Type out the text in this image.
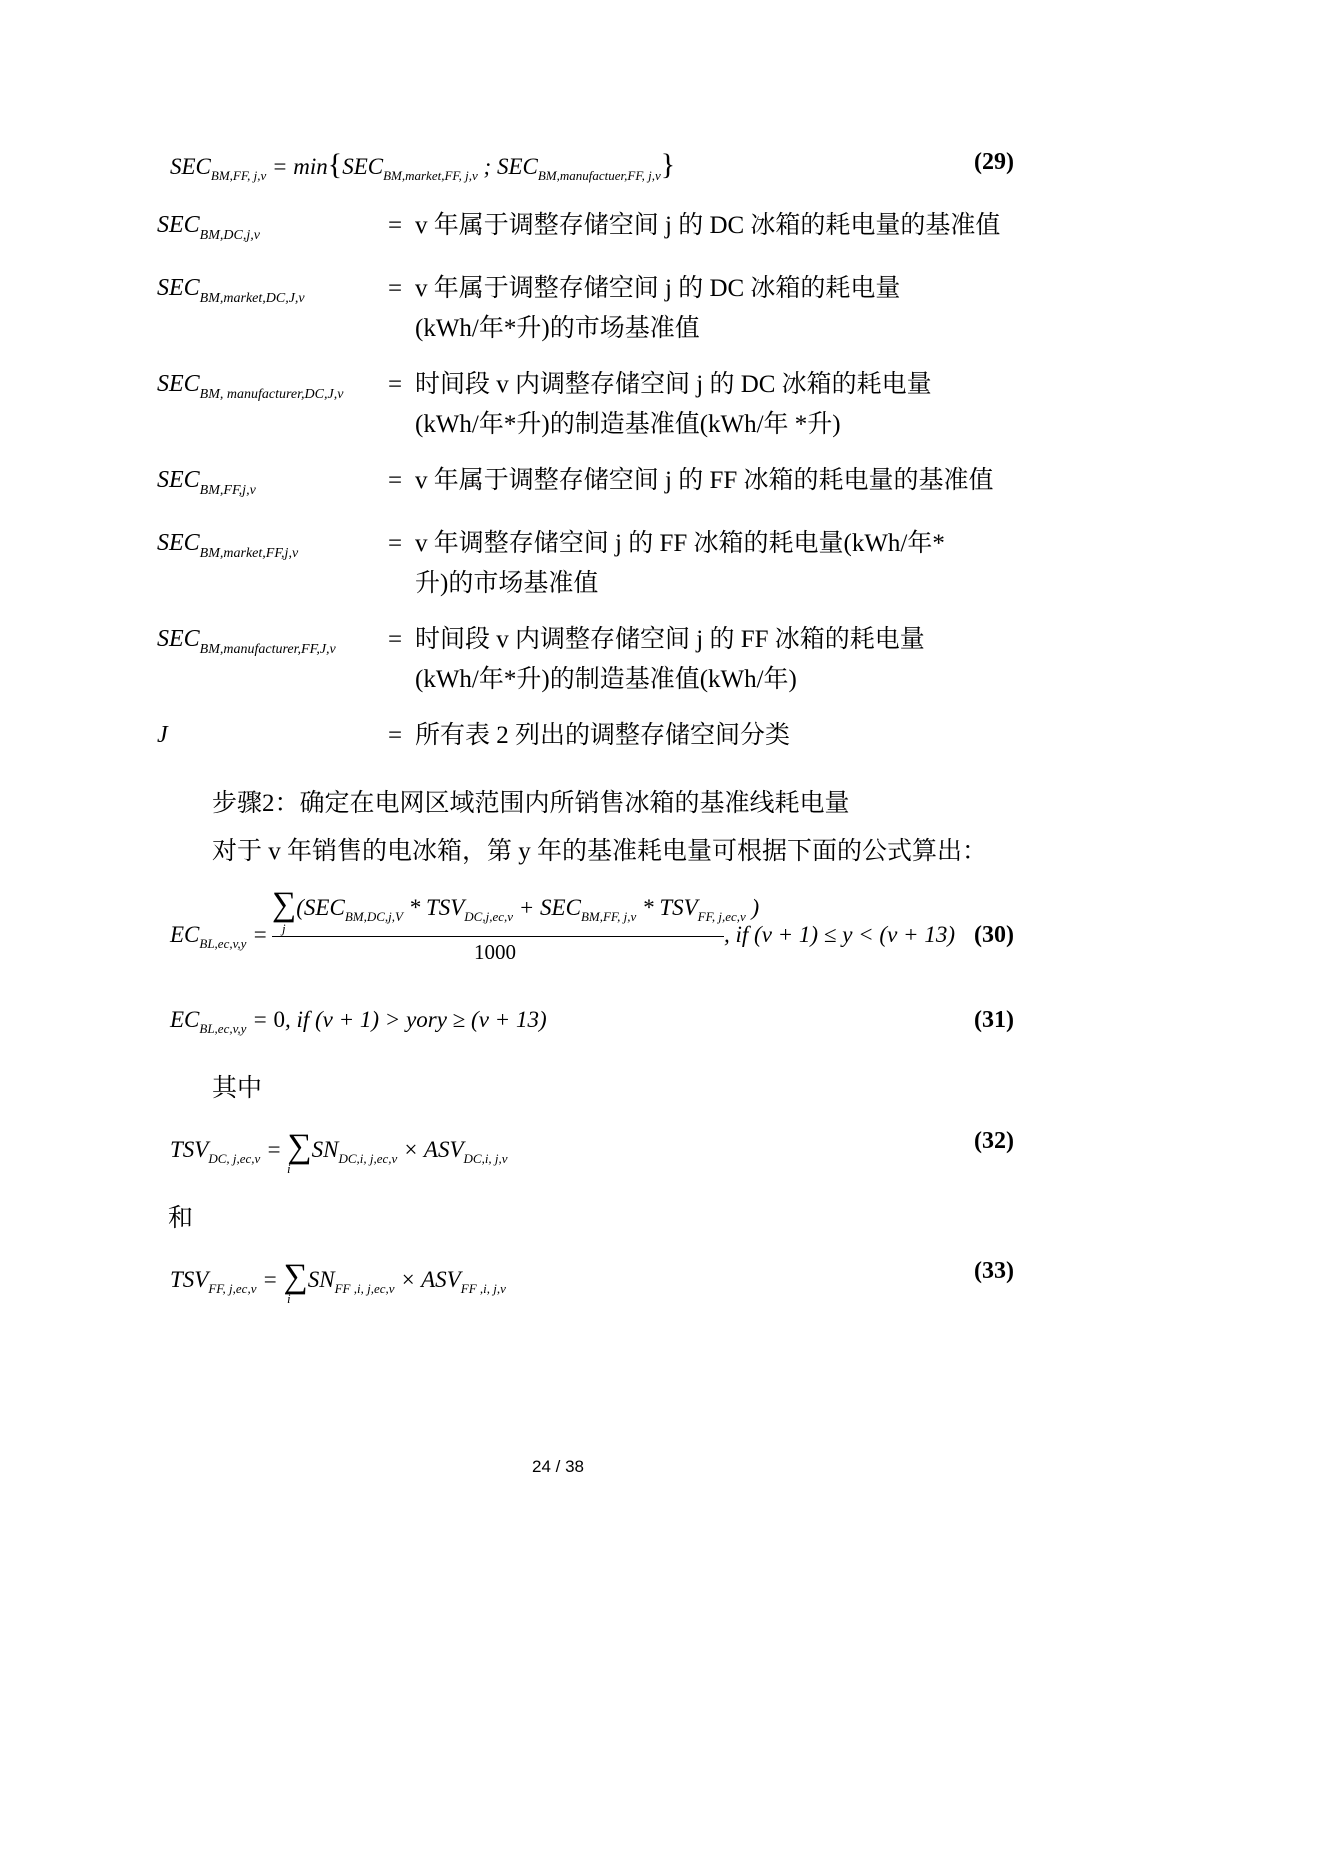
$SEC_{BM,FF, j,v} = \min\{SEC_{BM,market,FF, j,v}$ ; $SEC_{BM,manufactuer,FF, j,v}$}	(29)
$SEC_{BM,DC,j,v}$	= v 年属于调整存储空间 j 的 DC 冰箱的耗电量的基准值
$SEC_{BM,market,DC,J,v}$	= v 年属于调整存储空间 j 的 DC 冰箱的耗电量(kWh/年*升)的市场基准值
$SEC_{BM, manufacturer,DC,J,v}$ = 时间段 v 内调整存储空间 j 的 DC 冰箱的耗电量(kWh/年*升)的制造基准值(kWh/年 *升)
$SEC_{BM,FF,j,v}$	= v 年属于调整存储空间 j 的 FF 冰箱的耗电量的基准值
$SEC_{BM,market,FF,j,v}$	= v 年调整存储空间 j 的 FF 冰箱的耗电量(kWh/年*升)的市场基准值
$SEC_{BM,manufacturer,FF,J,v}$ = 时间段 v 内调整存储空间 j 的 FF 冰箱的耗电量(kWh/年*升)的制造基准值(kWh/年)
J	= 所有表 2 列出的调整存储空间分类
步骤2：确定在电网区域范围内所销售冰箱的基准线耗电量
对于 v 年销售的电冰箱，第 y 年的基准耗电量可根据下面的公式算出：
$EC_{BL,ec,v,y}$ =
$\sum(SEC_{BM,DC,j,V} * TSV_{DC,j,ec,v} + SEC_{BM,FF, j,v} * TSV_{FF, j,ec,v}$ )
j
1000
, if (v + 1) ≤ y < (v + 13) (30)
$EC_{BL,ec,v,y} = 0$, if (v + 1) > yory ≥ (v + 13)	(31)
其中
$TSV_{DC, j,ec,v} = \sum SN_{DC,i, j,ec,v} \times ASV_{DC,i, j,v}$
i
(32)
和
$TSV_{FF, j,ec,v} = \sum SN_{FF ,i, j,ec,v} \times ASV_{FF ,i, j,v}$
i
(33)
24 / 38
